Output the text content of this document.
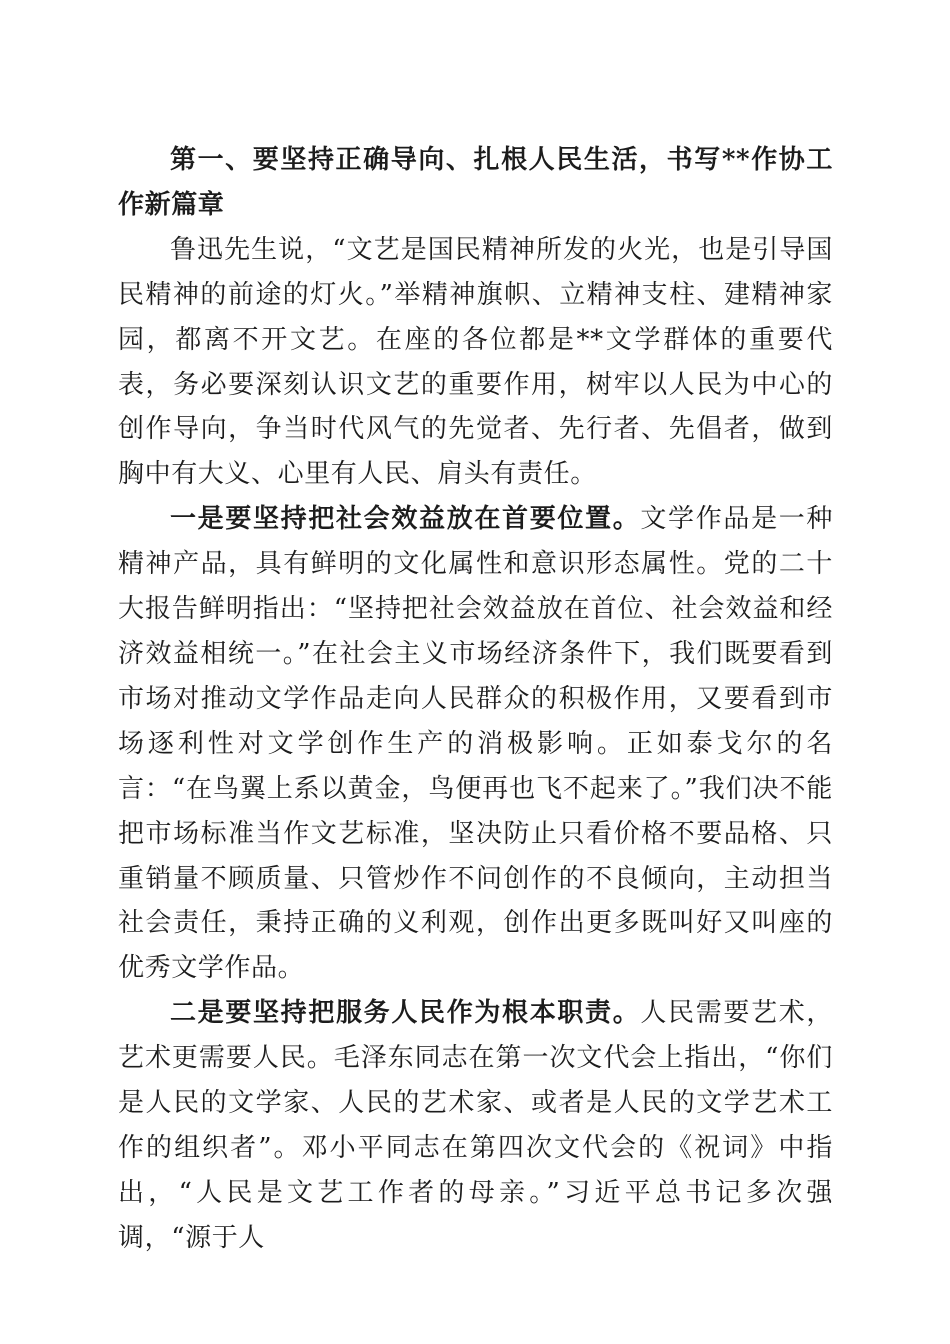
第一、要坚持正确导向、扎根人民生活，书写**作协工作新篇章

鲁迅先生说，“文艺是国民精神所发的火光，也是引导国民精神的前途的灯火。”举精神旗帜、立精神支柱、建精神家园，都离不开文艺。在座的各位都是**文学群体的重要代表，务必要深刻认识文艺的重要作用，树牢以人民为中心的创作导向，争当时代风气的先觉者、先行者、先倡者，做到胸中有大义、心里有人民、肩头有责任。

一是要坚持把社会效益放在首要位置。文学作品是一种精神产品，具有鲜明的文化属性和意识形态属性。党的二十大报告鲜明指出：“坚持把社会效益放在首位、社会效益和经济效益相统一。”在社会主义市场经济条件下，我们既要看到市场对推动文学作品走向人民群众的积极作用，又要看到市场逐利性对文学创作生产的消极影响。正如泰戈尔的名言：“在鸟翼上系以黄金，鸟便再也飞不起来了。”我们决不能把市场标准当作文艺标准，坚决防止只看价格不要品格、只重销量不顾质量、只管炒作不问创作的不良倾向，主动担当社会责任，秉持正确的义利观，创作出更多既叫好又叫座的优秀文学作品。

二是要坚持把服务人民作为根本职责。人民需要艺术，艺术更需要人民。毛泽东同志在第一次文代会上指出，“你们是人民的文学家、人民的艺术家、或者是人民的文学艺术工作的组织者”。邓小平同志在第四次文代会的《祝词》中指出，“人民是文艺工作者的母亲。”习近平总书记多次强调，“源于人
